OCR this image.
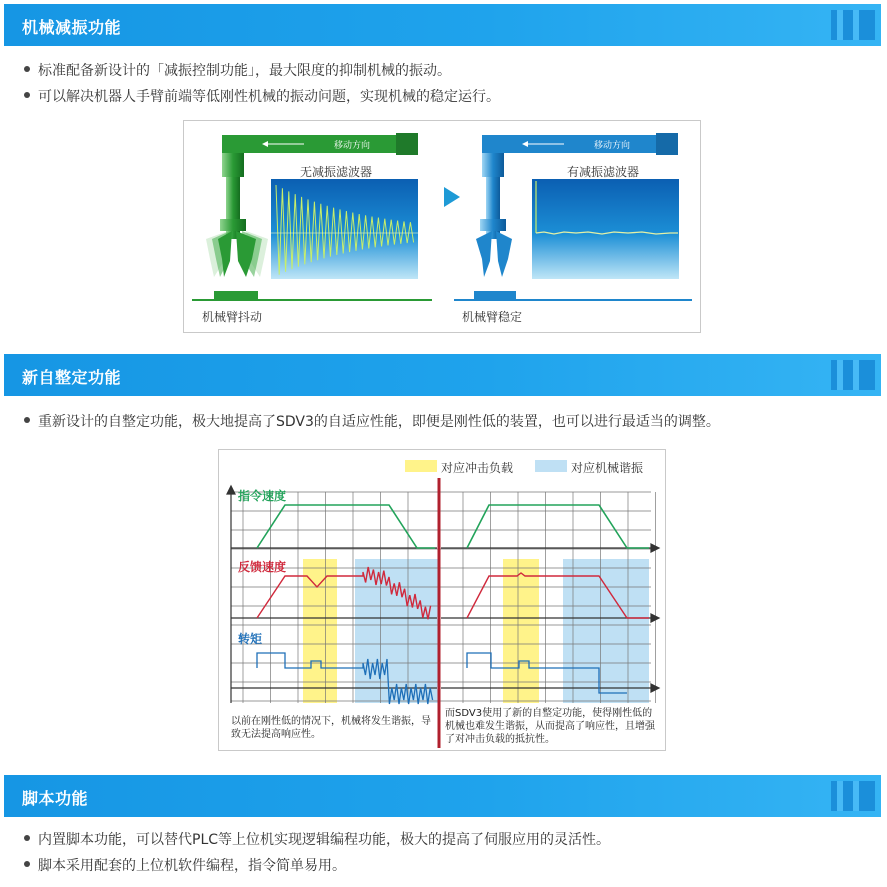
机械减振功能
标准配备新设计的「减振控制功能」，最大限度的抑制机械的振动。
可以解决机器人手臂前端等低刚性机械的振动问题，实现机械的稳定运行。
移动方向	移动方向
无减振滤波器	有减振滤波器
机械臂抖动	机械臂稳定
新自整定功能
重新设计的自整定功能，极大地提高了SDV3的自适应性能，即便是刚性低的装置，也可以进行最适当的调整。
对应冲击负载	对应机械谐振
指令速度
反馈速度
转矩
以前在刚性低的情况下，机械将发生谐振，导致无法提高响应性。
而SDV3使用了新的自整定功能，使得刚性低的机械也难发生谐振，从而提高了响应性，且增强了对冲击负载的抵抗性。
脚本功能
内置脚本功能，可以替代PLC等上位机实现逻辑编程功能，极大的提高了伺服应用的灵活性。
脚本采用配套的上位机软件编程，指令简单易用。
